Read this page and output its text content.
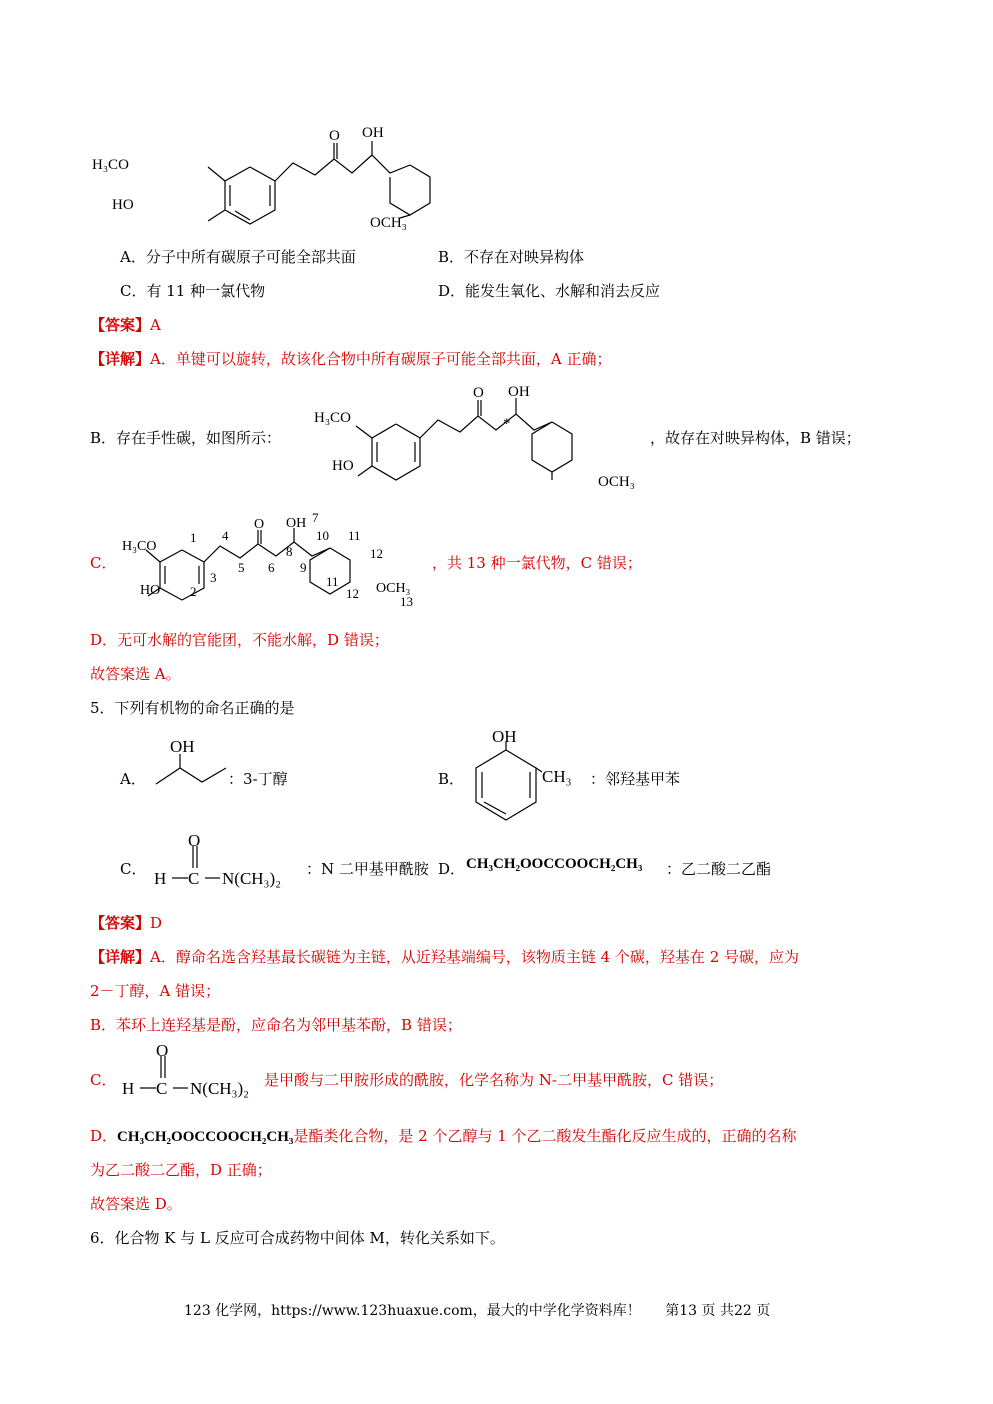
H₃CO
HO
O OH
OCH₃
A．分子中所有碳原子可能全部共面	B．不存在对映异构体
C．有 11 种一氯代物	D．能发生氧化、水解和消去反应
【答案】A
【详解】A．单键可以旋转，故该化合物中所有碳原子可能全部共面，A 正确；
B．存在手性碳，如图所示：
H₃CO
HO
O OH
*
OCH₃
，故存在对映异构体，B 错误；
C．
H₃CO
HO
O OH
OCH₃
1
2
3
4
5 6
7
8
9
10 11
12
11
12
13
，共 13 种一氯代物，C 错误；
D．无可水解的官能团，不能水解，D 错误；
故答案选 A。
5．下列有机物的命名正确的是
A．
OH
：3-丁醇	B．
OH
CH₃ ：邻羟基甲苯
C．
O
H C N(CH₃)₂ ：N 二甲基甲酰胺 D． CH₃CH₂OOCCOOCH₂CH₃ ：乙二酸二乙酯
【答案】D
【详解】A．醇命名选含羟基最长碳链为主链，从近羟基端编号，该物质主链 4 个碳，羟基在 2 号碳，应为
2－丁醇，A 错误；
B．苯环上连羟基是酚，应命名为邻甲基苯酚，B 错误；
C．
O
H C N(CH₃)₂ 是甲酸与二甲胺形成的酰胺，化学名称为 N-二甲基甲酰胺，C 错误；
D．CH₃CH₂OOCCOOCH₂CH₃是酯类化合物，是 2 个乙醇与 1 个乙二酸发生酯化反应生成的，正确的名称
为乙二酸二乙酯，D 正确；
故答案选 D。
6．化合物 K 与 L 反应可合成药物中间体 M，转化关系如下。
123 化学网，https://www.123huaxue.com，最大的中学化学资料库！ 第13 页 共22 页
